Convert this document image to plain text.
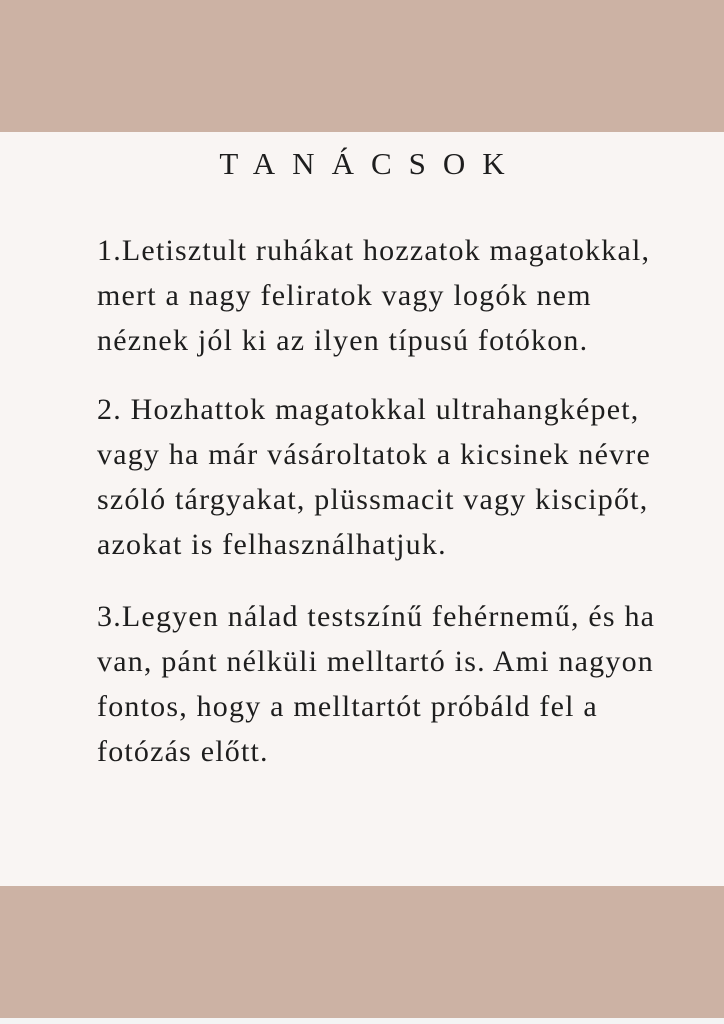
TANÁCSOK
1.Letisztult ruhákat hozzatok magatokkal, mert a nagy feliratok vagy logók nem néznek jól ki az ilyen típusú fotókon.
2. Hozhattok magatokkal ultrahangképet, vagy ha már vásároltatok a kicsinek névre szóló tárgyakat, plüssmacit vagy kiscipőt, azokat is felhasználhatjuk.
3.Legyen nálad testszínű fehérnemű, és ha van, pánt nélküli melltartó is. Ami nagyon fontos, hogy a melltartót próbáld fel a fotózás előtt.
